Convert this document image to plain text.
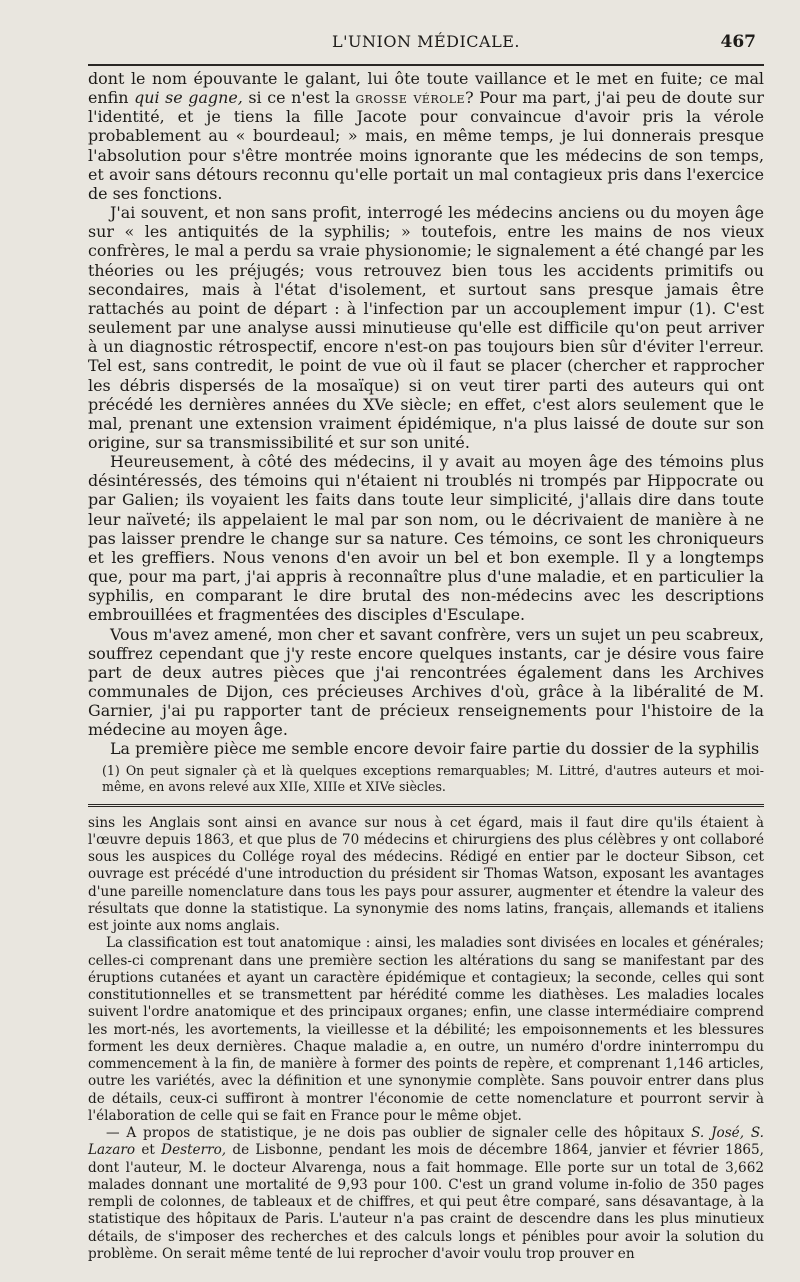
L'UNION MÉDICALE.	467

dont le nom épouvante le galant, lui ôte toute vaillance et le met en fuite; ce mal enfin qui se gagne, si ce n'est la grosse vérole? Pour ma part, j'ai peu de doute sur l'identité, et je tiens la fille Jacote pour convaincue d'avoir pris la vérole probablement au « bourdeaul; » mais, en même temps, je lui donnerais presque l'absolution pour s'être montrée moins ignorante que les médecins de son temps, et avoir sans détours reconnu qu'elle portait un mal contagieux pris dans l'exercice de ses fonctions.

J'ai souvent, et non sans profit, interrogé les médecins anciens ou du moyen âge sur « les antiquités de la syphilis; » toutefois, entre les mains de nos vieux confrères, le mal a perdu sa vraie physionomie; le signalement a été changé par les théories ou les préjugés; vous retrouvez bien tous les accidents primitifs ou secondaires, mais à l'état d'isolement, et surtout sans presque jamais être rattachés au point de départ : à l'infection par un accouplement impur (1). C'est seulement par une analyse aussi minutieuse qu'elle est difficile qu'on peut arriver à un diagnostic rétrospectif, encore n'est-on pas toujours bien sûr d'éviter l'erreur. Tel est, sans contredit, le point de vue où il faut se placer (chercher et rapprocher les débris dispersés de la mosaïque) si on veut tirer parti des auteurs qui ont précédé les dernières années du XVe siècle; en effet, c'est alors seulement que le mal, prenant une extension vraiment épidémique, n'a plus laissé de doute sur son origine, sur sa transmissibilité et sur son unité.

Heureusement, à côté des médecins, il y avait au moyen âge des témoins plus désintéressés, des témoins qui n'étaient ni troublés ni trompés par Hippocrate ou par Galien; ils voyaient les faits dans toute leur simplicité, j'allais dire dans toute leur naïveté; ils appelaient le mal par son nom, ou le décrivaient de manière à ne pas laisser prendre le change sur sa nature. Ces témoins, ce sont les chroniqueurs et les greffiers. Nous venons d'en avoir un bel et bon exemple. Il y a longtemps que, pour ma part, j'ai appris à reconnaître plus d'une maladie, et en particulier la syphilis, en comparant le dire brutal des non-médecins avec les descriptions embrouillées et fragmentées des disciples d'Esculape.

Vous m'avez amené, mon cher et savant confrère, vers un sujet un peu scabreux, souffrez cependant que j'y reste encore quelques instants, car je désire vous faire part de deux autres pièces que j'ai rencontrées également dans les Archives communales de Dijon, ces précieuses Archives d'où, grâce à la libéralité de M. Garnier, j'ai pu rapporter tant de précieux renseignements pour l'histoire de la médecine au moyen âge.

La première pièce me semble encore devoir faire partie du dossier de la syphilis

(1) On peut signaler çà et là quelques exceptions remarquables; M. Littré, d'autres auteurs et moi-même, en avons relevé aux XIIe, XIIIe et XIVe siècles.

sins les Anglais sont ainsi en avance sur nous à cet égard, mais il faut dire qu'ils étaient à l'œuvre depuis 1863, et que plus de 70 médecins et chirurgiens des plus célèbres y ont collaboré sous les auspices du Collége royal des médecins. Rédigé en entier par le docteur Sibson, cet ouvrage est précédé d'une introduction du président sir Thomas Watson, exposant les avantages d'une pareille nomenclature dans tous les pays pour assurer, augmenter et étendre la valeur des résultats que donne la statistique. La synonymie des noms latins, français, allemands et italiens est jointe aux noms anglais.

La classification est tout anatomique : ainsi, les maladies sont divisées en locales et générales; celles-ci comprenant dans une première section les altérations du sang se manifestant par des éruptions cutanées et ayant un caractère épidémique et contagieux; la seconde, celles qui sont constitutionnelles et se transmettent par hérédité comme les diathèses. Les maladies locales suivent l'ordre anatomique et des principaux organes; enfin, une classe intermédiaire comprend les mort-nés, les avortements, la vieillesse et la débilité; les empoisonnements et les blessures forment les deux dernières. Chaque maladie a, en outre, un numéro d'ordre ininterrompu du commencement à la fin, de manière à former des points de repère, et comprenant 1,146 articles, outre les variétés, avec la définition et une synonymie complète. Sans pouvoir entrer dans plus de détails, ceux-ci suffiront à montrer l'économie de cette nomenclature et pourront servir à l'élaboration de celle qui se fait en France pour le même objet.

— A propos de statistique, je ne dois pas oublier de signaler celle des hôpitaux S. José, S. Lazaro et Desterro, de Lisbonne, pendant les mois de décembre 1864, janvier et février 1865, dont l'auteur, M. le docteur Alvarenga, nous a fait hommage. Elle porte sur un total de 3,662 malades donnant une mortalité de 9,93 pour 100. C'est un grand volume in-folio de 350 pages rempli de colonnes, de tableaux et de chiffres, et qui peut être comparé, sans désavantage, à la statistique des hôpitaux de Paris. L'auteur n'a pas craint de descendre dans les plus minutieux détails, de s'imposer des recherches et des calculs longs et pénibles pour avoir la solution du problème. On serait même tenté de lui reprocher d'avoir voulu trop prouver en
